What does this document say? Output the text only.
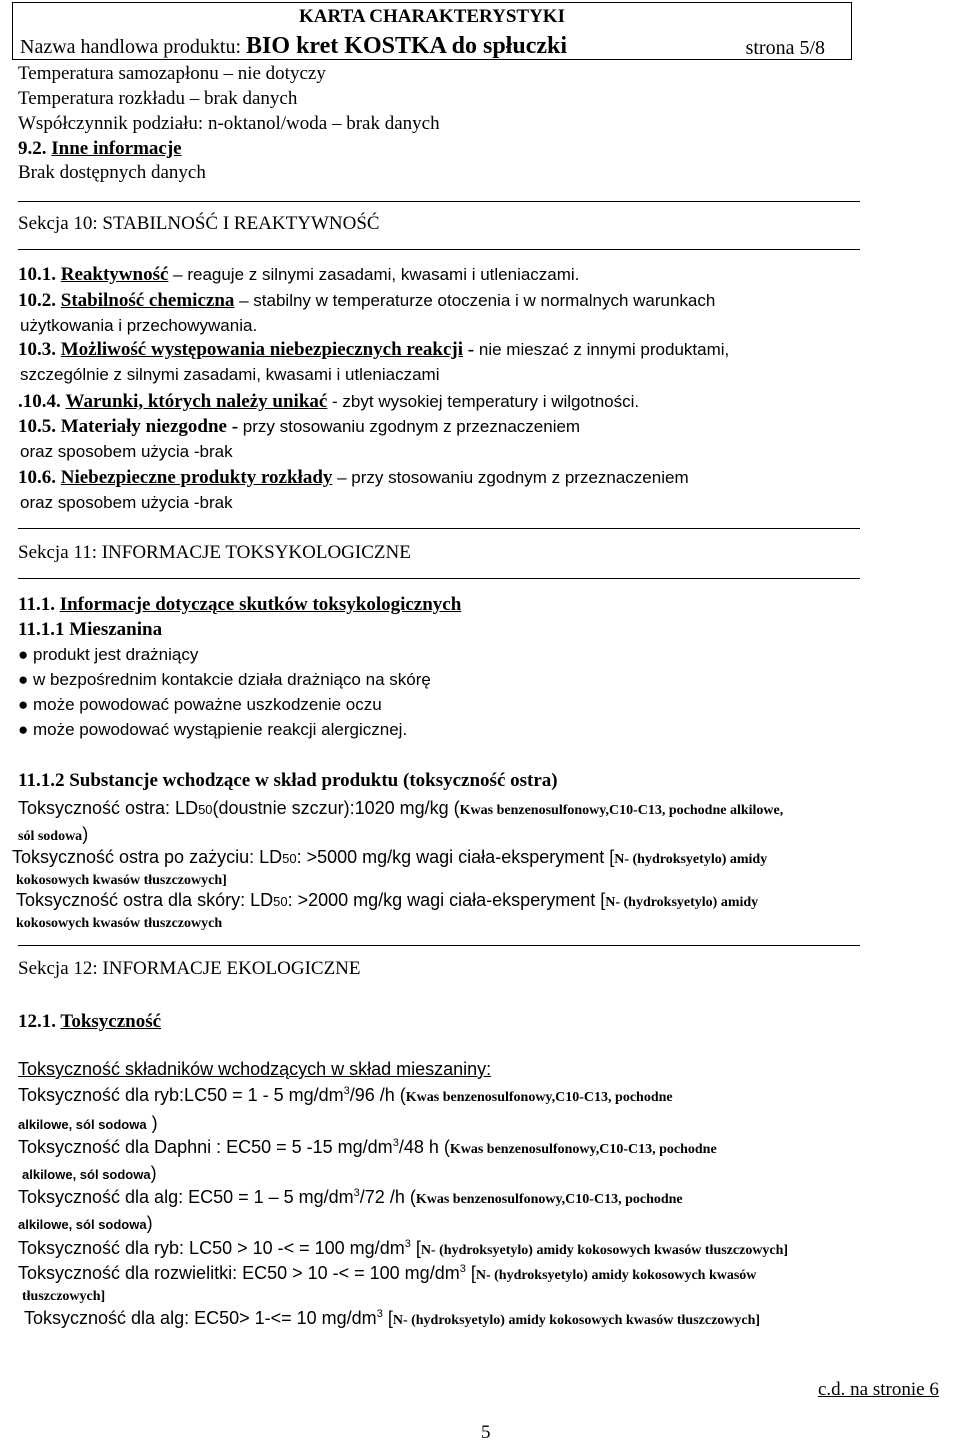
KARTA CHARAKTERYSTYKI
Nazwa handlowa produktu: BIO kret KOSTKA do spłuczki	strona 5/8
Temperatura samozapłonu – nie dotyczy
Temperatura rozkładu – brak danych
Współczynnik podziału: n-oktanol/woda – brak danych
9.2. Inne informacje
Brak dostępnych danych
Sekcja 10: STABILNOŚĆ I REAKTYWNOŚĆ
10.1. Reaktywność – reaguje z silnymi zasadami, kwasami i utleniaczami.
10.2. Stabilność chemiczna – stabilny w temperaturze otoczenia i w normalnych warunkach
użytkowania i przechowywania.
10.3. Możliwość występowania niebezpiecznych reakcji - nie mieszać z innymi produktami,
szczególnie z silnymi zasadami, kwasami i utleniaczami
.10.4. Warunki, których należy unikać - zbyt wysokiej temperatury i wilgotności.
10.5. Materiały niezgodne - przy stosowaniu zgodnym z przeznaczeniem
oraz sposobem użycia -brak
10.6. Niebezpieczne produkty rozkłady – przy stosowaniu zgodnym z przeznaczeniem
oraz sposobem użycia -brak
Sekcja 11: INFORMACJE TOKSYKOLOGICZNE
11.1. Informacje dotyczące skutków toksykologicznych
11.1.1 Mieszanina
● produkt jest drażniący
● w bezpośrednim kontakcie działa drażniąco na skórę
● może powodować poważne uszkodzenie oczu
● może powodować wystąpienie reakcji alergicznej.
11.1.2 Substancje wchodzące w skład produktu (toksyczność ostra)
Toksyczność ostra: LD50(doustnie szczur):1020 mg/kg (Kwas benzenosulfonowy,C10-C13, pochodne alkilowe,
sól sodowa)
Toksyczność ostra po zażyciu: LD50: >5000 mg/kg wagi ciała-eksperyment [N- (hydroksyetylo) amidy
kokosowych kwasów tłuszczowych]
Toksyczność ostra dla skóry: LD50: >2000 mg/kg wagi ciała-eksperyment [N- (hydroksyetylo) amidy
kokosowych kwasów tłuszczowych
Sekcja 12: INFORMACJE EKOLOGICZNE
12.1. Toksyczność
Toksyczność składników wchodzących w skład mieszaniny:
Toksyczność dla ryb:LC50 = 1 - 5 $mg/dm^3/96$ /h (Kwas benzenosulfonowy,C10-C13, pochodne
alkilowe, sól sodowa )
Toksyczność dla Daphni : EC50 = 5 -15 $mg/dm^3/48$ h (Kwas benzenosulfonowy,C10-C13, pochodne
alkilowe, sól sodowa)
Toksyczność dla alg: EC50 = 1 – 5 $mg/dm^3/72$ /h (Kwas benzenosulfonowy,C10-C13, pochodne
alkilowe, sól sodowa)
Toksyczność dla ryb: LC50 > 10 -< = 100 $mg/dm^3$ [N- (hydroksyetylo) amidy kokosowych kwasów tłuszczowych]
Toksyczność dla rozwielitki: EC50 > 10 -< = 100 $mg/dm^3$ [N- (hydroksyetylo) amidy kokosowych kwasów
tłuszczowych]
Toksyczność dla alg: EC50> 1-<= 10 $mg/dm^3$ [N- (hydroksyetylo) amidy kokosowych kwasów tłuszczowych]
c.d. na stronie 6
5
